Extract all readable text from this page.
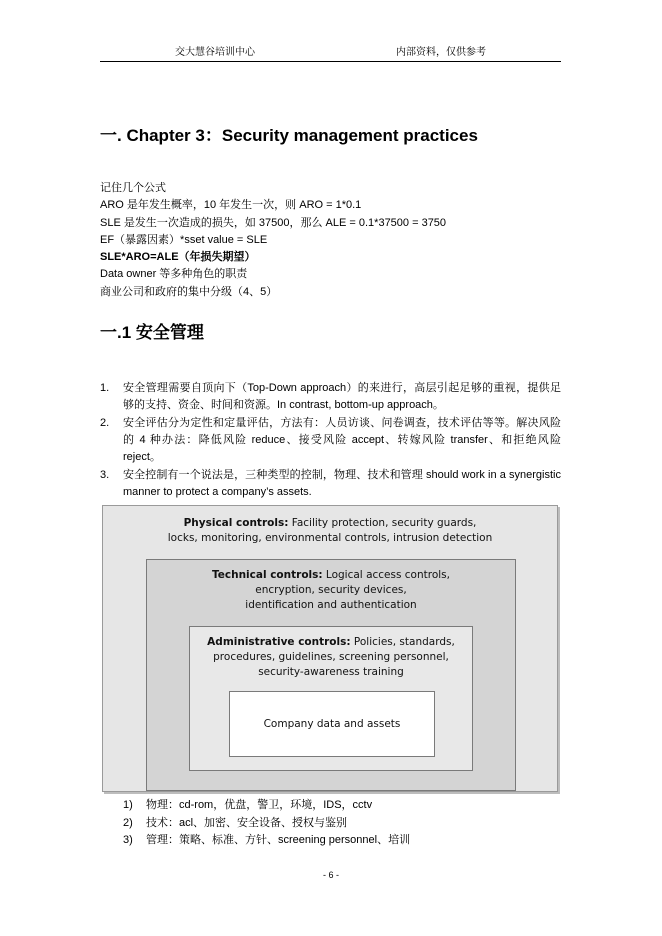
交大慧谷培训中心	内部资料，仅供参考
一. Chapter 3：Security management practices
记住几个公式
ARO 是年发生概率，10 年发生一次，则 ARO = 1*0.1
SLE 是发生一次造成的损失，如 37500，那么 ALE = 0.1*37500 = 3750
EF（暴露因素）*sset value = SLE
SLE*ARO=ALE（年损失期望）
Data owner 等多种角色的职责
商业公司和政府的集中分级（4、5）
一.1 安全管理
1. 安全管理需要自顶向下（Top-Down approach）的来进行，高层引起足够的重视，提供足够的支持、资金、时间和资源。In contrast, bottom-up approach。
2. 安全评估分为定性和定量评估，方法有：人员访谈、问卷调查，技术评估等等。解决风险的 4 种办法：降低风险 reduce、接受风险 accept、转嫁风险 transfer、和拒绝风险 reject。
3. 安全控制有一个说法是，三种类型的控制，物理、技术和管理 should work in a synergistic manner to protect a company’s assets.
Physical controls: Facility protection, security guards,
locks, monitoring, environmental controls, intrusion detection
Technical controls: Logical access controls,
encryption, security devices,
identification and authentication
Administrative controls: Policies, standards,
procedures, guidelines, screening personnel,
security-awareness training
Company data and assets
1) 物理：cd-rom，优盘，警卫，环境，IDS，cctv
2) 技术：acl、加密、安全设备、授权与鉴别
3) 管理：策略、标准、方针、screening personnel、培训
- 6 -
